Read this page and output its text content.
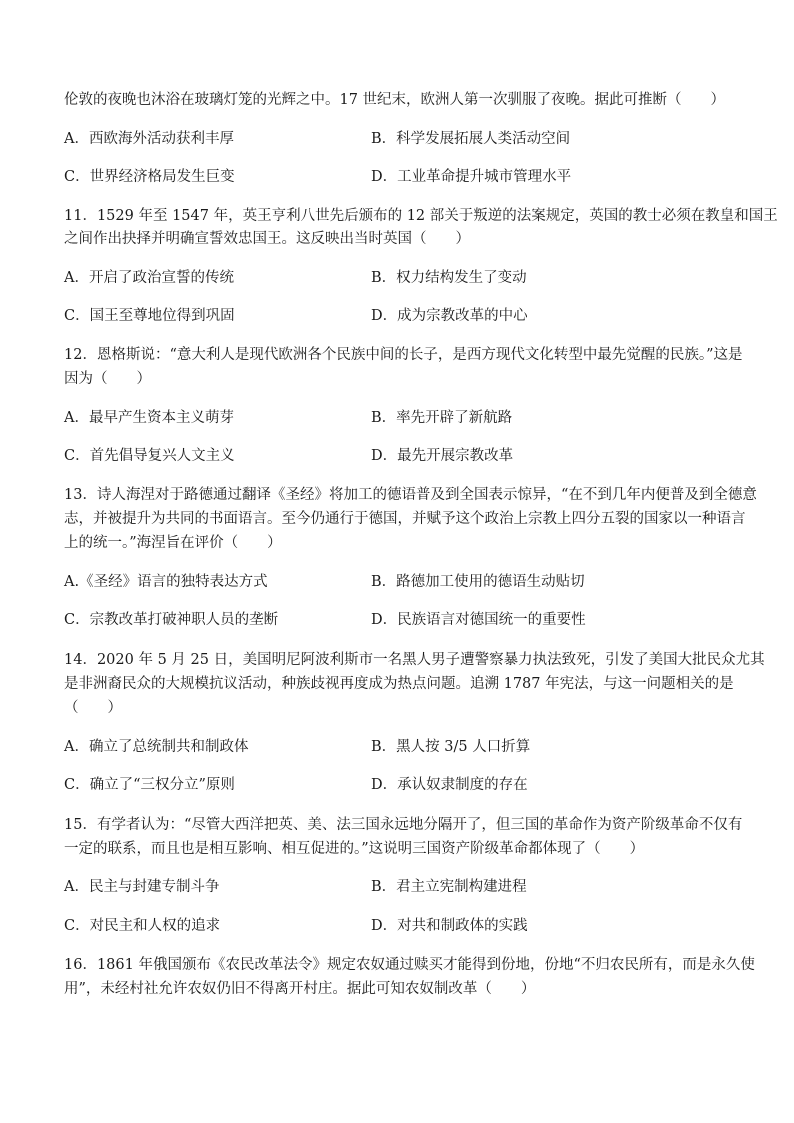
伦敦的夜晚也沐浴在玻璃灯笼的光辉之中。17 世纪末，欧洲人第一次驯服了夜晚。据此可推断（　　）
A．西欧海外活动获利丰厚	B．科学发展拓展人类活动空间
C．世界经济格局发生巨变	D．工业革命提升城市管理水平
11．1529 年至 1547 年，英王亨利八世先后颁布的 12 部关于叛逆的法案规定，英国的教士必须在教皇和国王
之间作出抉择并明确宣誓效忠国王。这反映出当时英国（　　）
A．开启了政治宣誓的传统	B．权力结构发生了变动
C．国王至尊地位得到巩固	D．成为宗教改革的中心
12．恩格斯说：“意大利人是现代欧洲各个民族中间的长子，是西方现代文化转型中最先觉醒的民族。”这是
因为（　　）
A．最早产生资本主义萌芽	B．率先开辟了新航路
C．首先倡导复兴人文主义	D．最先开展宗教改革
13．诗人海涅对于路德通过翻译《圣经》将加工的德语普及到全国表示惊异，“在不到几年内便普及到全德意
志，并被提升为共同的书面语言。至今仍通行于德国，并赋予这个政治上宗教上四分五裂的国家以一种语言
上的统一。”海涅旨在评价（　　）
A.《圣经》语言的独特表达方式	B．路德加工使用的德语生动贴切
C．宗教改革打破神职人员的垄断	D．民族语言对德国统一的重要性
14．2020 年 5 月 25 日，美国明尼阿波利斯市一名黑人男子遭警察暴力执法致死，引发了美国大批民众尤其
是非洲裔民众的大规模抗议活动，种族歧视再度成为热点问题。追溯 1787 年宪法，与这一问题相关的是
（　　）
A．确立了总统制共和制政体	B．黑人按 3/5 人口折算
C．确立了“三权分立”原则	D．承认奴隶制度的存在
15．有学者认为：“尽管大西洋把英、美、法三国永远地分隔开了，但三国的革命作为资产阶级革命不仅有
一定的联系，而且也是相互影响、相互促进的。”这说明三国资产阶级革命都体现了（　　）
A．民主与封建专制斗争	B．君主立宪制构建进程
C．对民主和人权的追求	D．对共和制政体的实践
16．1861 年俄国颁布《农民改革法令》规定农奴通过赎买才能得到份地，份地“不归农民所有，而是永久使
用”，未经村社允许农奴仍旧不得离开村庄。据此可知农奴制改革（　　）
